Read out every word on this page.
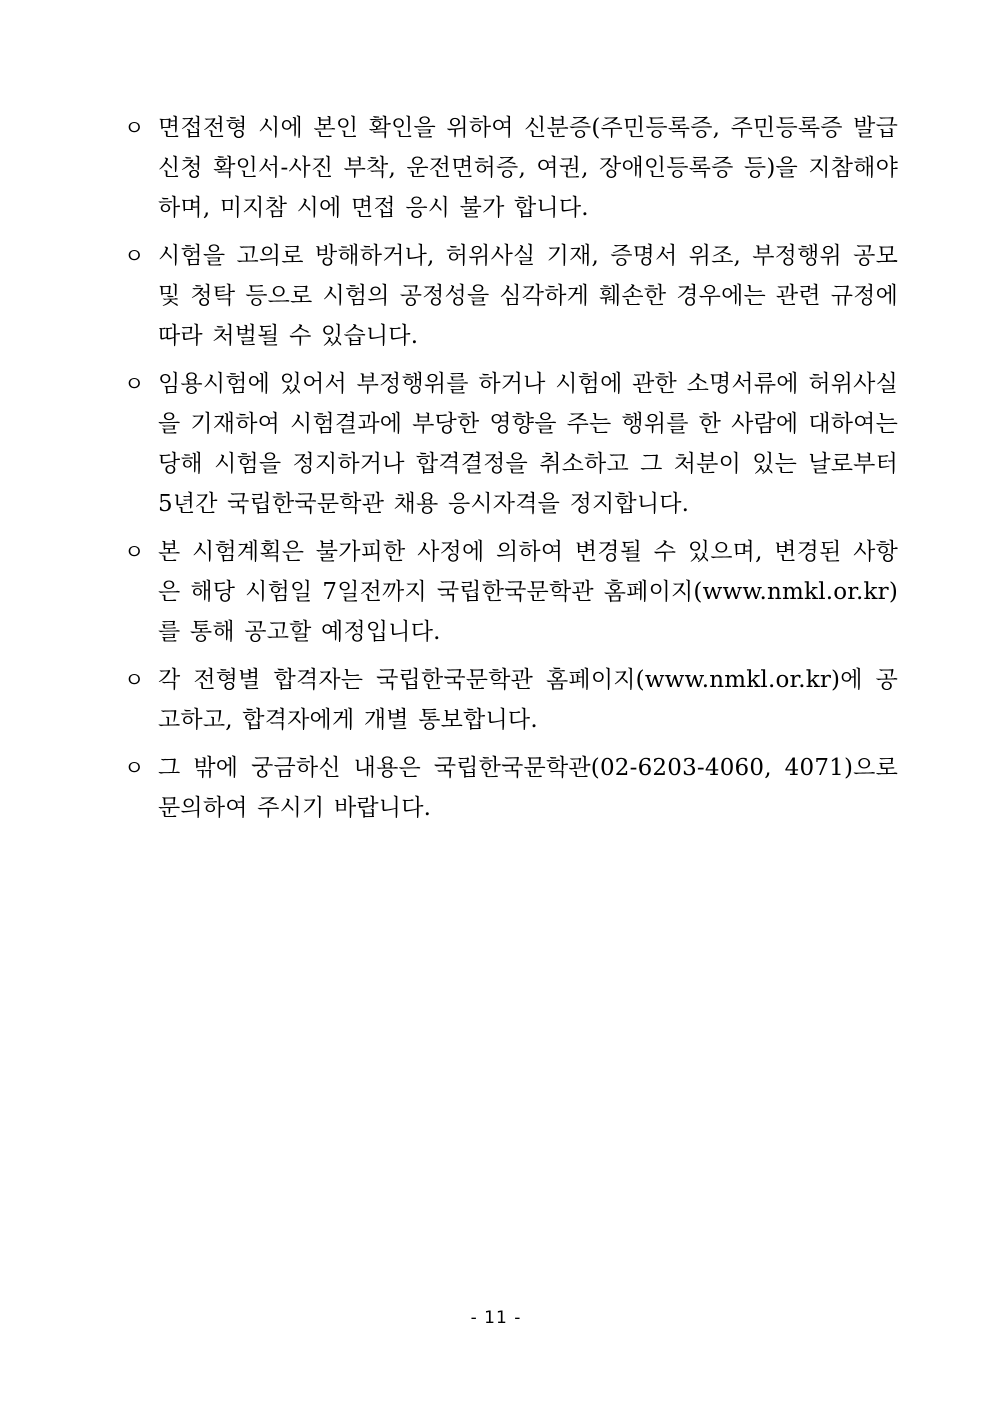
ㅇ 면접전형 시에 본인 확인을 위하여 신분증(주민등록증, 주민등록증 발급 신청 확인서-사진 부착, 운전면허증, 여권, 장애인등록증 등)을 지참해야 하며, 미지참 시에 면접 응시 불가 합니다.
ㅇ 시험을 고의로 방해하거나, 허위사실 기재, 증명서 위조, 부정행위 공모 및 청탁 등으로 시험의 공정성을 심각하게 훼손한 경우에는 관련 규정에 따라 처벌될 수 있습니다.
ㅇ 임용시험에 있어서 부정행위를 하거나 시험에 관한 소명서류에 허위사실을 기재하여 시험결과에 부당한 영향을 주는 행위를 한 사람에 대하여는 당해 시험을 정지하거나 합격결정을 취소하고 그 처분이 있는 날로부터 5년간 국립한국문학관 채용 응시자격을 정지합니다.
ㅇ 본 시험계획은 불가피한 사정에 의하여 변경될 수 있으며, 변경된 사항은 해당 시험일 7일전까지 국립한국문학관 홈페이지(www.nmkl.or.kr)를 통해 공고할 예정입니다.
ㅇ 각 전형별 합격자는 국립한국문학관 홈페이지(www.nmkl.or.kr)에 공고하고, 합격자에게 개별 통보합니다.
ㅇ 그 밖에 궁금하신 내용은 국립한국문학관(02-6203-4060, 4071)으로 문의하여 주시기 바랍니다.
- 11 -
